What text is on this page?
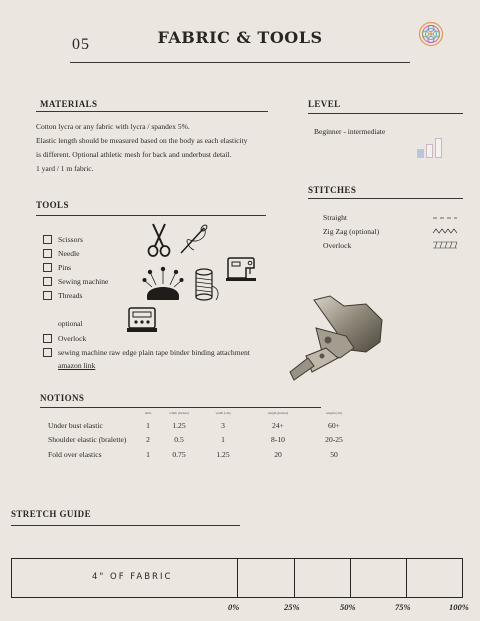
05	FABRIC & TOOLS
MATERIALS
Cotton lycra or any fabric with lycra / spandex 5%.
Elastic length should be measured based on the body as each elasticity
is different. Optional athletic mesh for back and underbust detail.
1 yard / 1 m fabric.
LEVEL
Beginner - intermediate
STITCHES
Straight
Zig Zag (optional)
Overlock
TOOLS
Scissors
Needle
Pins
Sewing machine
Threads
optional
Overlock
sewing machine raw edge plain tape binder binding attachment
amazon link
NOTIONS
	units	width (inches)	width (cm)	length (inches)	length (cm)
Under bust elastic	1	1.25	3	24+	60+
Shoulder elastic (bralette)	2	0.5	1	8-10	20-25
Fold over elastics	1	0.75	1.25	20	50
STRETCH GUIDE
4" OF FABRIC
0%	25%	50%	75%	100%
